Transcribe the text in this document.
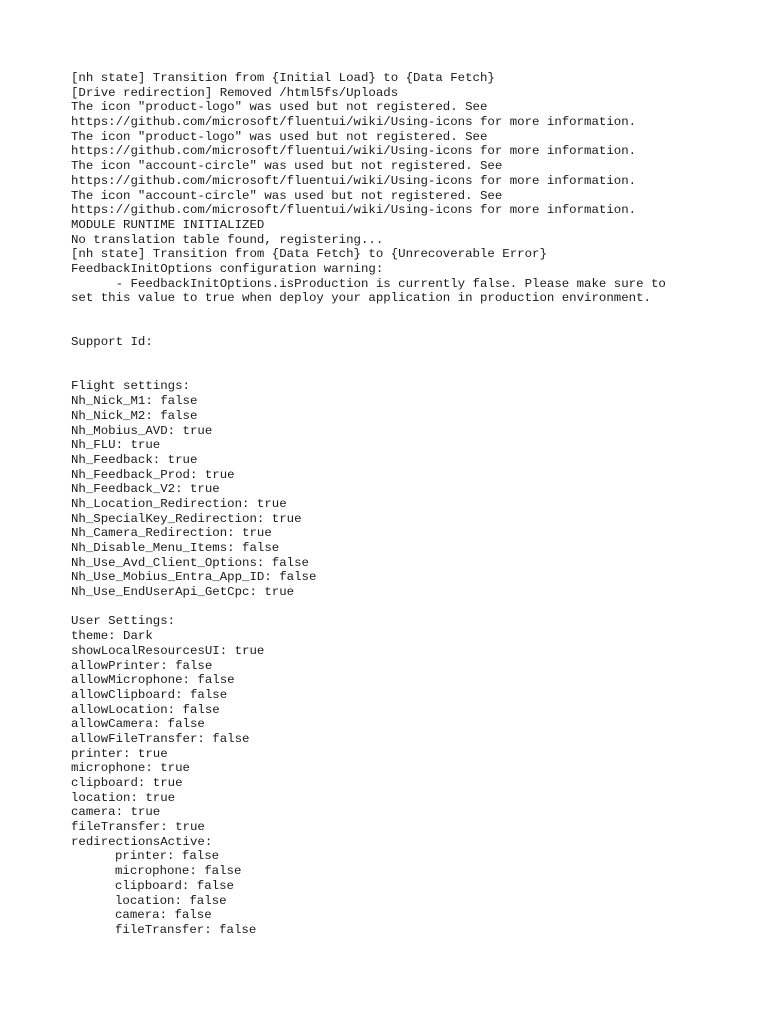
[nh state] Transition from {Initial Load} to {Data Fetch}
[Drive redirection] Removed /html5fs/Uploads
The icon "product-logo" was used but not registered. See
https://github.com/microsoft/fluentui/wiki/Using-icons for more information.
The icon "product-logo" was used but not registered. See
https://github.com/microsoft/fluentui/wiki/Using-icons for more information.
The icon "account-circle" was used but not registered. See
https://github.com/microsoft/fluentui/wiki/Using-icons for more information.
The icon "account-circle" was used but not registered. See
https://github.com/microsoft/fluentui/wiki/Using-icons for more information.
MODULE RUNTIME INITIALIZED
No translation table found, registering...
[nh state] Transition from {Data Fetch} to {Unrecoverable Error}
FeedbackInitOptions configuration warning:
- FeedbackInitOptions.isProduction is currently false. Please make sure to
set this value to true when deploy your application in production environment.
Support Id:
Flight settings:
Nh_Nick_M1: false
Nh_Nick_M2: false
Nh_Mobius_AVD: true
Nh_FLU: true
Nh_Feedback: true
Nh_Feedback_Prod: true
Nh_Feedback_V2: true
Nh_Location_Redirection: true
Nh_SpecialKey_Redirection: true
Nh_Camera_Redirection: true
Nh_Disable_Menu_Items: false
Nh_Use_Avd_Client_Options: false
Nh_Use_Mobius_Entra_App_ID: false
Nh_Use_EndUserApi_GetCpc: true
User Settings:
theme: Dark
showLocalResourcesUI: true
allowPrinter: false
allowMicrophone: false
allowClipboard: false
allowLocation: false
allowCamera: false
allowFileTransfer: false
printer: true
microphone: true
clipboard: true
location: true
camera: true
fileTransfer: true
redirectionsActive:
printer: false
microphone: false
clipboard: false
location: false
camera: false
fileTransfer: false
